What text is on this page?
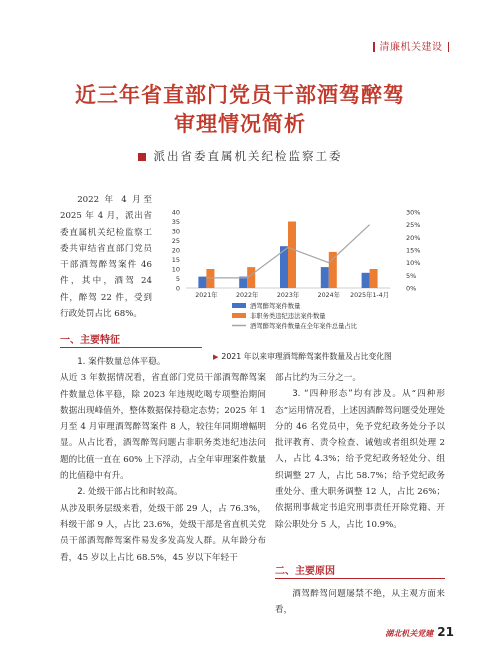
清廉机关建设
近三年省直部门党员干部酒驾醉驾
审理情况简析
派出省委直属机关纪检监察工委
2022 年 4 月至 2025 年 4 月，派出省委直属机关纪检监察工委共审结省直部门党员干部酒驾醉驾案件 46 件，其中，酒驾 24 件，醉驾 22 件，受到行政处罚占比 68%。
一、主要特征
1. 案件数量总体平稳。
从近 3 年数据情况看，省直部门党员干部酒驾醉驾案件数量总体平稳，除 2023 年违规吃喝专项整治期间数据出现峰值外，整体数据保持稳定态势；2025 年 1 月至 4 月审理酒驾醉驾案件 8 人，较往年同期增幅明显。从占比看，酒驾醉驾问题占非职务类违纪违法问题的比值一直在 60% 上下浮动，占全年审理案件数量的比值稳中有升。
2. 处级干部占比和时较高。
从涉及职务层级来看，处级干部 29 人，占 76.3%，科级干部 9 人，占比 23.6%，处级干部是省直机关党员干部酒驾醉驾案件易发多发高发人群。从年龄分布看，45 岁以上占比 68.5%，45 岁以下年轻干
部占比约为三分之一。
3. “四种形态”均有涉及。从“四种形态”运用情况看，上述因酒醉驾问题受处理处分的 46 名党员中，免予党纪政务处分予以批评教育、责令检查、诫勉或者组织处理 2 人，占比 4.3%；给予党纪政务轻处分、组织调整 27 人，占比 58.7%；给予党纪政务重处分、重大职务调整 12 人，占比 26%；依据刑事裁定书追究刑事责任开除党籍、开除公职处分 5 人，占比 10.9%。
二、主要原因
酒驾醉驾问题屡禁不绝，从主观方面来看，
0
5
10
15
20
25
30
35
40
0%
5%
10%
15%
20%
25%
30%
2021年	2022年	2023年	2024年 2025年1-4月
酒驾醉驾案件数量
非职务类违纪违法案件数量
酒驾醉驾案件数量在全年案件总量占比
▶ 2021 年以来审理酒驾醉驾案件数量及占比变化图
湖北机关党建 21
